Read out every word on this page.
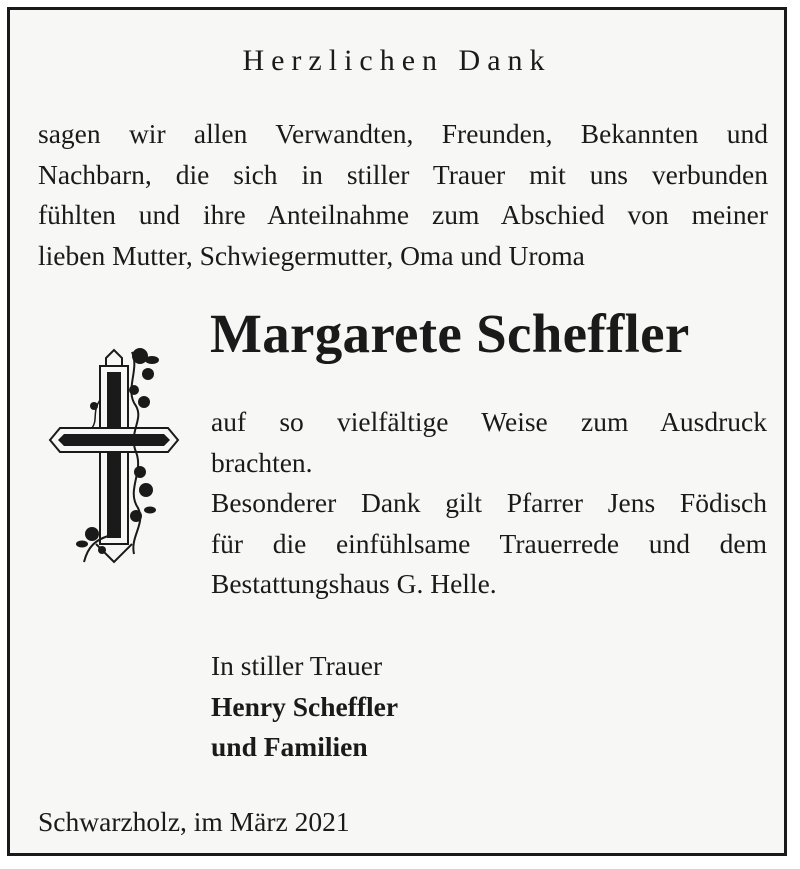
Herzlichen Dank
sagen wir allen Verwandten, Freunden, Bekannten und
Nachbarn, die sich in stiller Trauer mit uns verbunden
fühlten und ihre Anteilnahme zum Abschied von meiner
lieben Mutter, Schwiegermutter, Oma und Uroma
Margarete Scheffler
auf so vielfältige Weise zum Ausdruck
brachten.
Besonderer Dank gilt Pfarrer Jens Födisch
für die einfühlsame Trauerrede und dem
Bestattungshaus G. Helle.
In stiller Trauer
Henry Scheffler
und Familien
Schwarzholz, im März 2021
